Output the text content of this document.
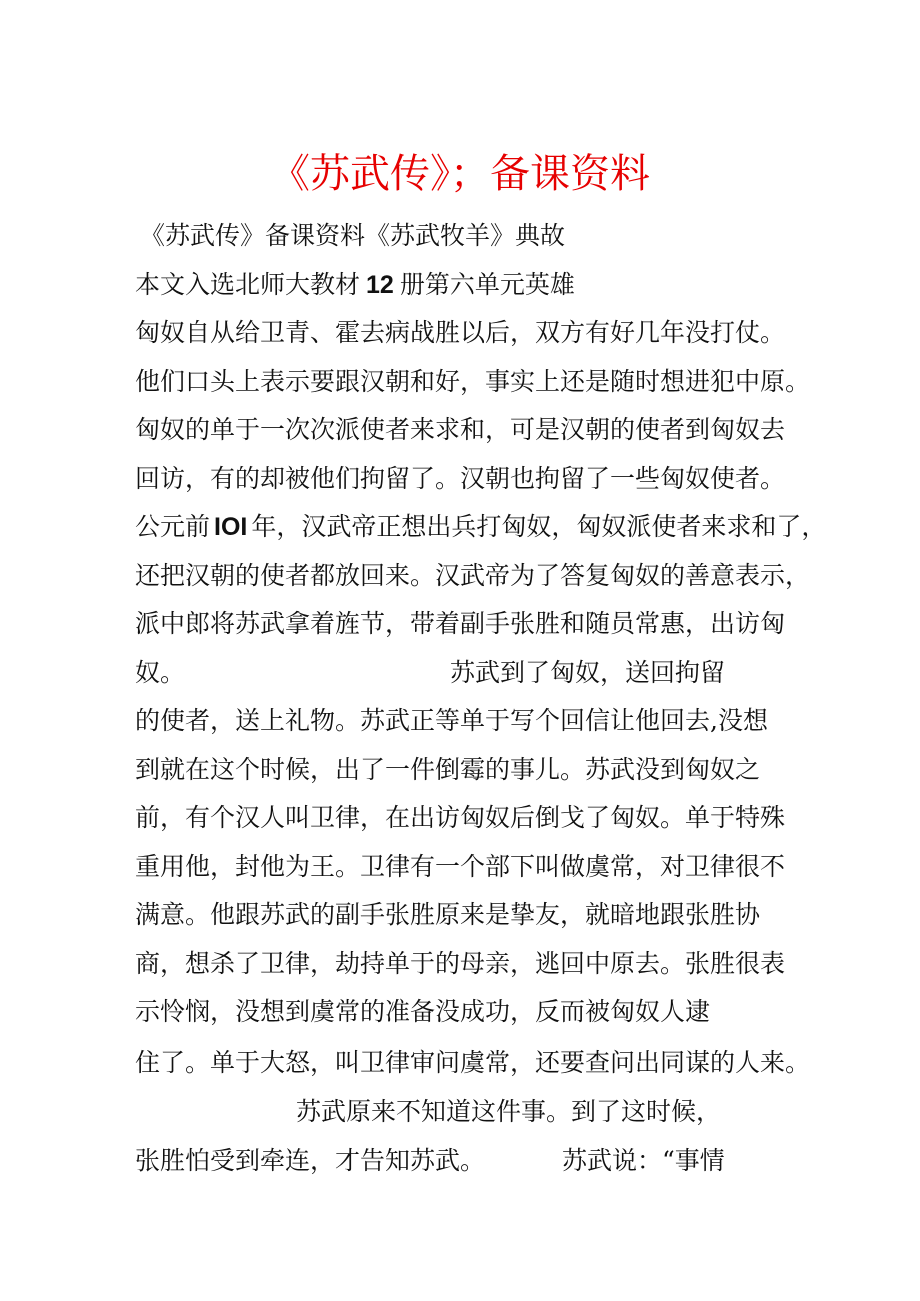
《苏武传》；备课资料
《苏武传》备课资料《苏武牧羊》典故
本文入选北师大教材 12 册第六单元英雄
匈奴自从给卫青、霍去病战胜以后，双方有好几年没打仗。
他们口头上表示要跟汉朝和好，事实上还是随时想进犯中原。
匈奴的单于一次次派使者来求和，可是汉朝的使者到匈奴去
回访，有的却被他们拘留了。汉朝也拘留了一些匈奴使者。
公元前 IOI 年，汉武帝正想出兵打匈奴，匈奴派使者来求和了，
还把汉朝的使者都放回来。汉武帝为了答复匈奴的善意表示，
派中郎将苏武拿着旌节，带着副手张胜和随员常惠，出访匈
奴。	苏武到了匈奴，送回拘留
的使者，送上礼物。苏武正等单于写个回信让他回去,没想
到就在这个时候，出了一件倒霉的事儿。苏武没到匈奴之
前，有个汉人叫卫律，在出访匈奴后倒戈了匈奴。单于特殊
重用他，封他为王。卫律有一个部下叫做虞常，对卫律很不
满意。他跟苏武的副手张胜原来是挚友，就暗地跟张胜协
商，想杀了卫律，劫持单于的母亲，逃回中原去。张胜很表
示怜悯，没想到虞常的准备没成功，反而被匈奴人逮
住了。单于大怒，叫卫律审问虞常，还要查问出同谋的人来。
苏武原来不知道这件事。到了这时候，
张胜怕受到牵连，才告知苏武。	苏武说：“事情
